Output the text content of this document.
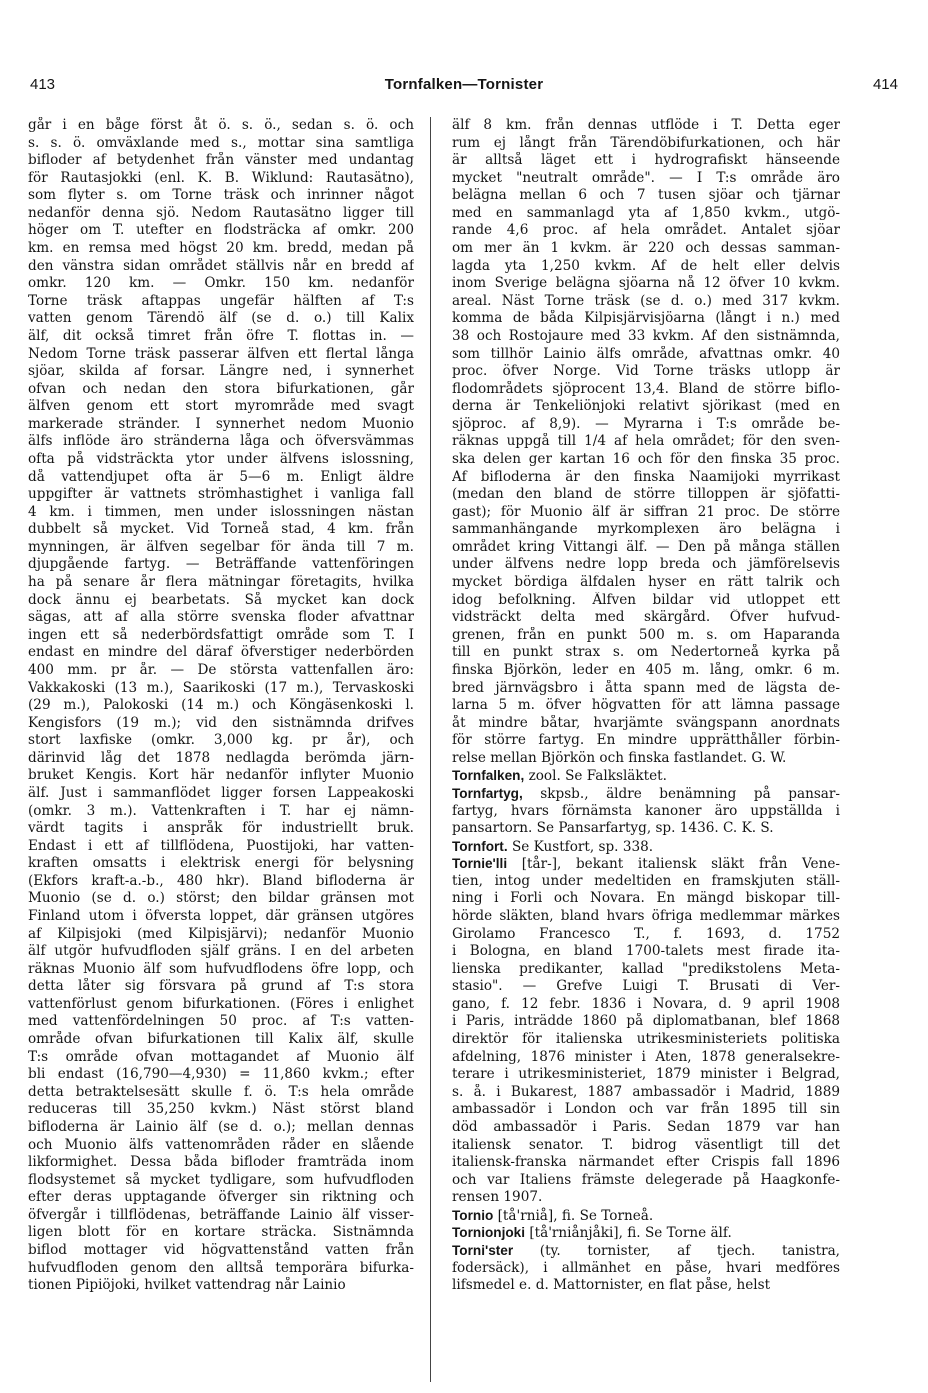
413	Tornfalken—Tornister	414
går i en båge först åt ö. s. ö., sedan s. ö. och
s. s. ö. omväxlande med s., mottar sina samtliga
bifloder af betydenhet från vänster med undantag
för Rautasjokki (enl. K. B. Wiklund: Rautasätno),
som flyter s. om Torne träsk och inrinner något
nedanför denna sjö. Nedom Rautasätno ligger till
höger om T. utefter en flodsträcka af omkr. 200
km. en remsa med högst 20 km. bredd, medan på
den vänstra sidan området ställvis når en bredd af
omkr. 120 km. — Omkr. 150 km. nedanför
Torne träsk aftappas ungefär hälften af T:s
vatten genom Tärendö älf (se d. o.) till Kalix
älf, dit också timret från öfre T. flottas in. —
Nedom Torne träsk passerar älfven ett flertal långa
sjöar, skilda af forsar. Längre ned, i synnerhet
ofvan och nedan den stora bifurkationen, går
älfven genom ett stort myrområde med svagt
markerade stränder. I synnerhet nedom Muonio
älfs inflöde äro stränderna låga och öfversvämmas
ofta på vidsträckta ytor under älfvens islossning,
då vattendjupet ofta är 5—6 m. Enligt äldre
uppgifter är vattnets strömhastighet i vanliga fall
4 km. i timmen, men under islossningen nästan
dubbelt så mycket. Vid Torneå stad, 4 km. från
mynningen, är älfven segelbar för ända till 7 m.
djupgående fartyg. — Beträffande vattenföringen
ha på senare år flera mätningar företagits, hvilka
dock ännu ej bearbetats. Så mycket kan dock
sägas, att af alla större svenska floder afvattnar
ingen ett så nederbördsfattigt område som T. I
endast en mindre del däraf öfverstiger nederbörden
400 mm. pr år. — De största vattenfallen äro:
Vakkakoski (13 m.), Saarikoski (17 m.), Tervaskoski
(29 m.), Palokoski (14 m.) och Köngäsenkoski l.
Kengisfors (19 m.); vid den sistnämnda drifves
stort laxfiske (omkr. 3,000 kg. pr år), och
därinvid låg det 1878 nedlagda berömda järn-
bruket Kengis. Kort här nedanför inflyter Muonio
älf. Just i sammanflödet ligger forsen Lappeakoski
(omkr. 3 m.). Vattenkraften i T. har ej nämn-
värdt tagits i anspråk för industriellt bruk.
Endast i ett af tillflödena, Puostijoki, har vatten-
kraften omsatts i elektrisk energi för belysning
(Ekfors kraft-a.-b., 480 hkr). Bland bifloderna är
Muonio (se d. o.) störst; den bildar gränsen mot
Finland utom i öfversta loppet, där gränsen utgöres
af Kilpisjoki (med Kilpisjärvi); nedanför Muonio
älf utgör hufvudfloden själf gräns. I en del arbeten
räknas Muonio älf som hufvudflodens öfre lopp, och
detta låter sig försvara på grund af T:s stora
vattenförlust genom bifurkationen. (Föres i enlighet
med vattenfördelningen 50 proc. af T:s vatten-
område ofvan bifurkationen till Kalix älf, skulle
T:s område ofvan mottagandet af Muonio älf
bli endast (16,790—4,930) = 11,860 kvkm.; efter
detta betraktelsesätt skulle f. ö. T:s hela område
reduceras till 35,250 kvkm.) Näst störst bland
bifloderna är Lainio älf (se d. o.); mellan dennas
och Muonio älfs vattenområden råder en slående
likformighet. Dessa båda bifloder framträda inom
flodsystemet så mycket tydligare, som hufvudfloden
efter deras upptagande öfverger sin riktning och
öfvergår i tillflödenas, beträffande Lainio älf visser-
ligen blott för en kortare sträcka. Sistnämnda
biflod mottager vid högvattenstånd vatten från
hufvudfloden genom den alltså temporära bifurka-
tionen Pipiöjoki, hvilket vattendrag når Lainio
älf 8 km. från dennas utflöde i T. Detta eger
rum ej långt från Tärendöbifurkationen, och här
är alltså läget ett i hydrografiskt hänseende
mycket "neutralt område". — I T:s område äro
belägna mellan 6 och 7 tusen sjöar och tjärnar
med en sammanlagd yta af 1,850 kvkm., utgö-
rande 4,6 proc. af hela området. Antalet sjöar
om mer än 1 kvkm. är 220 och dessas samman-
lagda yta 1,250 kvkm. Af de helt eller delvis
inom Sverige belägna sjöarna nå 12 öfver 10 kvkm.
areal. Näst Torne träsk (se d. o.) med 317 kvkm.
komma de båda Kilpisjärvisjöarna (långt i n.) med
38 och Rostojaure med 33 kvkm. Af den sistnämnda,
som tillhör Lainio älfs område, afvattnas omkr. 40
proc. öfver Norge. Vid Torne träsks utlopp är
flodområdets sjöprocent 13,4. Bland de större biflo-
derna är Tenkeliönjoki relativt sjörikast (med en
sjöproc. af 8,9). — Myrarna i T:s område be-
räknas uppgå till 1/4 af hela området; för den sven-
ska delen ger kartan 16 och för den finska 35 proc.
Af bifloderna är den finska Naamijoki myrrikast
(medan den bland de större tilloppen är sjöfatti-
gast); för Muonio älf är siffran 21 proc. De större
sammanhängande myrkomplexen äro belägna i
området kring Vittangi älf. — Den på många ställen
under älfvens nedre lopp breda och jämförelsevis
mycket bördiga älfdalen hyser en rätt talrik och
idog befolkning. Älfven bildar vid utloppet ett
vidsträckt delta med skärgård. Öfver hufvud-
grenen, från en punkt 500 m. s. om Haparanda
till en punkt strax s. om Nedertorneå kyrka på
finska Björkön, leder en 405 m. lång, omkr. 6 m.
bred järnvägsbro i åtta spann med de lägsta de-
larna 5 m. öfver högvatten för att lämna passage
åt mindre båtar, hvarjämte svängspann anordnats
för större fartyg. En mindre upprätthåller förbin-
relse mellan Björkön och finska fastlandet. G. W.
Tornfalken, zool. Se Falksläktet.
Tornfartyg, skpsb., äldre benämning på pansar-
fartyg, hvars förnämsta kanoner äro uppställda i
pansartorn. Se Pansarfartyg, sp. 1436. C. K. S.
Tornfort. Se Kustfort, sp. 338.
Tornie'lli [tår-], bekant italiensk släkt från Vene-
tien, intog under medeltiden en framskjuten ställ-
ning i Forli och Novara. En mängd biskopar till-
hörde släkten, bland hvars öfriga medlemmar märkes
Girolamo Francesco T., f. 1693, d. 1752
i Bologna, en bland 1700-talets mest firade ita-
lienska predikanter, kallad "predikstolens Meta-
stasio". — Grefve Luigi T. Brusati di Ver-
gano, f. 12 febr. 1836 i Novara, d. 9 april 1908
i Paris, inträdde 1860 på diplomatbanan, blef 1868
direktör för italienska utrikesministeriets politiska
afdelning, 1876 minister i Aten, 1878 generalsekre-
terare i utrikesministeriet, 1879 minister i Belgrad,
s. å. i Bukarest, 1887 ambassadör i Madrid, 1889
ambassadör i London och var från 1895 till sin
död ambassadör i Paris. Sedan 1879 var han
italiensk senator. T. bidrog väsentligt till det
italiensk-franska närmandet efter Crispis fall 1896
och var Italiens främste delegerade på Haagkonfe-
rensen 1907.
Tornio [tå'rniå], fi. Se Torneå.
Tornionjoki [tå'rniånjåki], fi. Se Torne älf.
Torni'ster (ty. tornister, af tjech. tanistra,
fodersäck), i allmänhet en påse, hvari medföres
lifsmedel e. d. Mattornister, en flat påse, helst
